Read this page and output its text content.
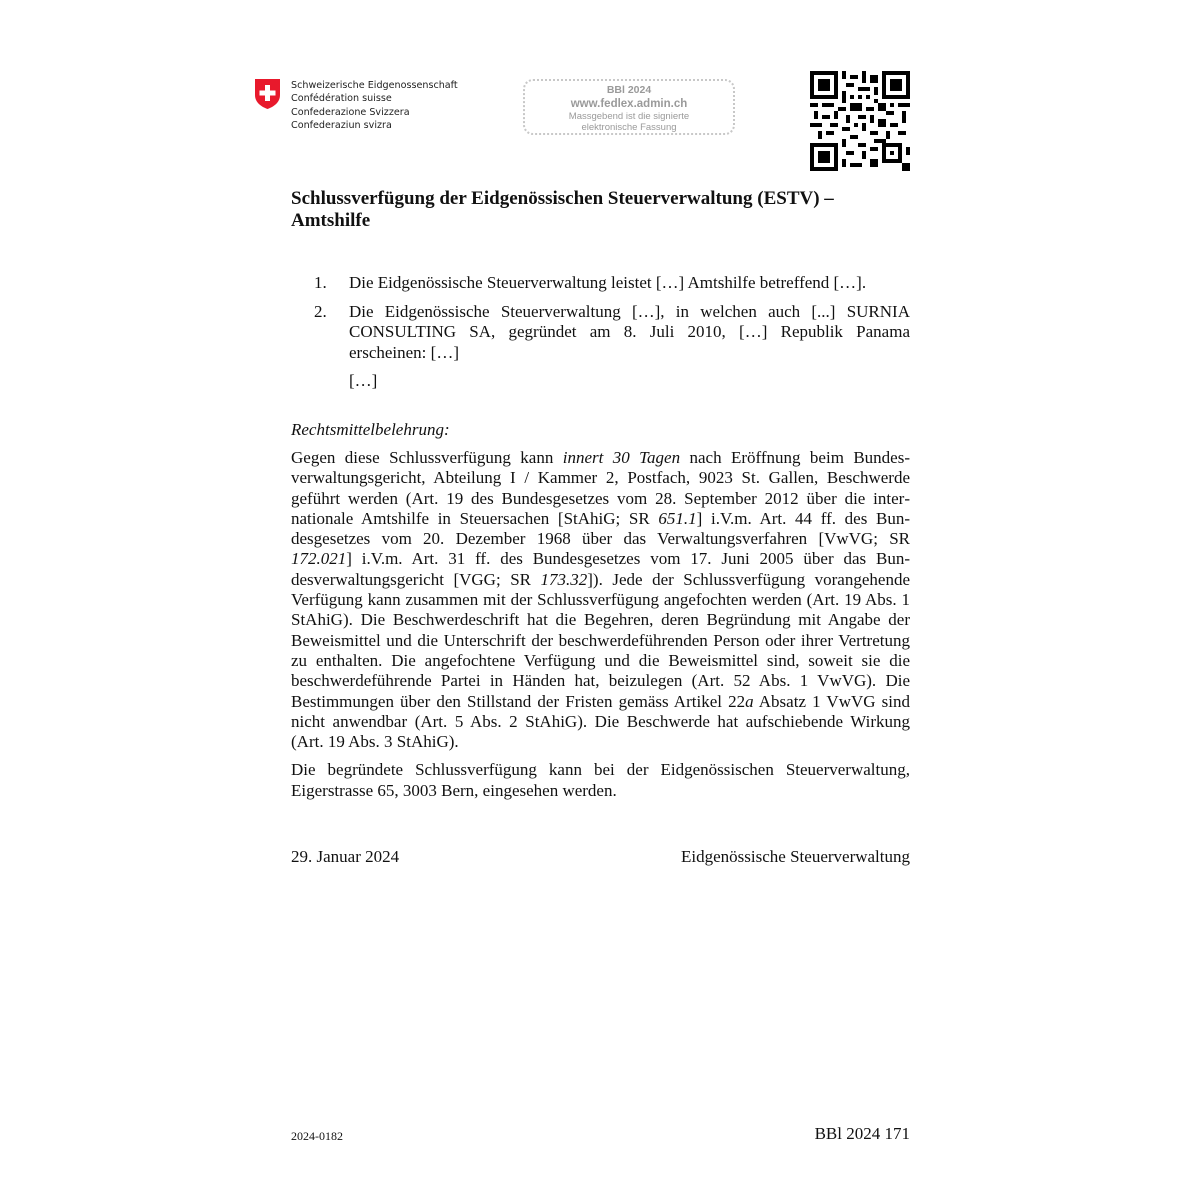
Schweizerische Eidgenossenschaft
Confédération suisse
Confederazione Svizzera
Confederaziun svizra
BBl 2024
www.fedlex.admin.ch
Massgebend ist die signierte
elektronische Fassung
Schlussverfügung der Eidgenössischen Steuerverwaltung (ESTV) –
Amtshilfe
1. Die Eidgenössische Steuerverwaltung leistet […] Amtshilfe betreffend […].
2. Die Eidgenössische Steuerverwaltung […], in welchen auch [...] SURNIA CONSULTING SA, gegründet am 8. Juli 2010, […] Republik Panama erscheinen: […]
[…]
Rechtsmittelbelehrung:

Gegen diese Schlussverfügung kann innert 30 Tagen nach Eröffnung beim Bundesverwaltungsgericht, Abteilung I / Kammer 2, Postfach, 9023 St. Gallen, Beschwerde geführt werden (Art. 19 des Bundesgesetzes vom 28. September 2012 über die internationale Amtshilfe in Steuersachen [StAhiG; SR 651.1] i.V.m. Art. 44 ff. des Bundesgesetzes vom 20. Dezember 1968 über das Verwaltungsverfahren [VwVG; SR 172.021] i.V.m. Art. 31 ff. des Bundesgesetzes vom 17. Juni 2005 über das Bundesverwaltungsgericht [VGG; SR 173.32]). Jede der Schlussverfügung vorangehende Verfügung kann zusammen mit der Schlussverfügung angefochten werden (Art. 19 Abs. 1 StAhiG). Die Beschwerdeschrift hat die Begehren, deren Begründung mit Angabe der Beweismittel und die Unterschrift der beschwerdeführenden Person oder ihrer Vertretung zu enthalten. Die angefochtene Verfügung und die Beweismittel sind, soweit sie die beschwerdeführende Partei in Händen hat, beizulegen (Art. 52 Abs. 1 VwVG). Die Bestimmungen über den Stillstand der Fristen gemäss Artikel 22a Absatz 1 VwVG sind nicht anwendbar (Art. 5 Abs. 2 StAhiG). Die Beschwerde hat aufschiebende Wirkung (Art. 19 Abs. 3 StAhiG).

Die begründete Schlussverfügung kann bei der Eidgenössischen Steuerverwaltung, Eigerstrasse 65, 3003 Bern, eingesehen werden.

29. Januar 2024	Eidgenössische Steuerverwaltung
2024-0182	BBl 2024 171
